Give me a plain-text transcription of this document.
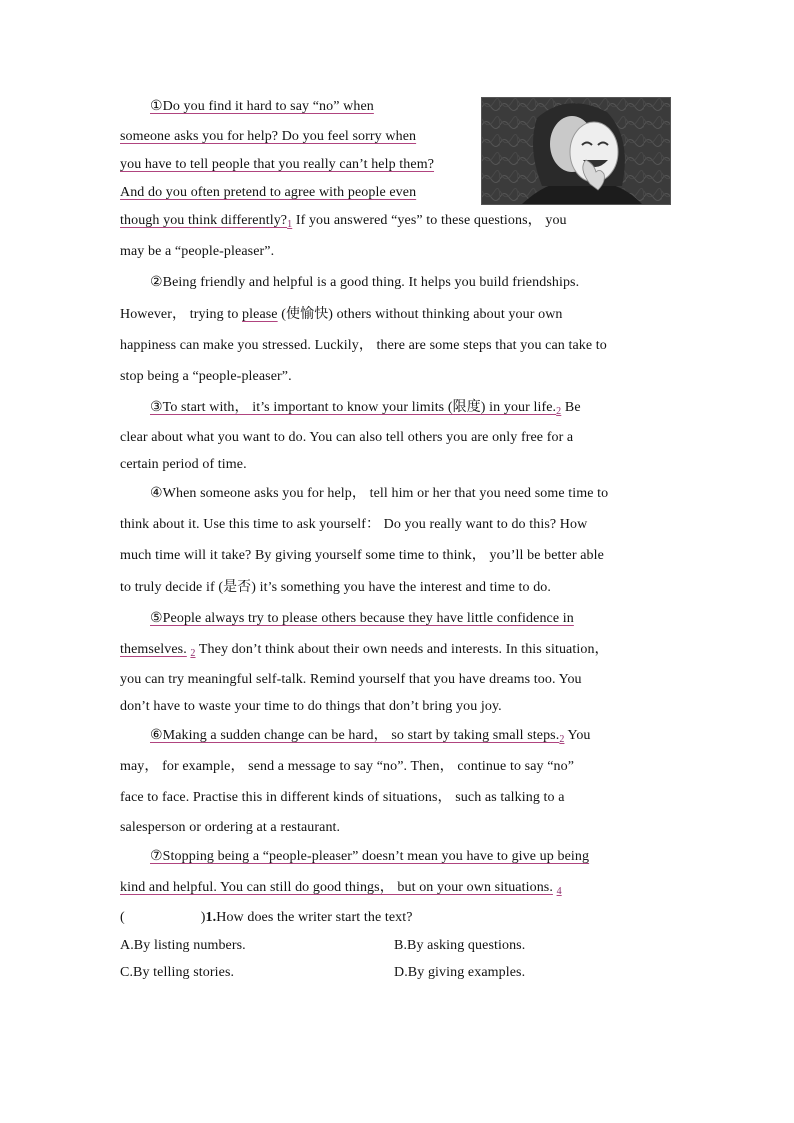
①Do you find it hard to say “no” when
someone asks you for help? Do you feel sorry when
you have to tell people that you really can’t help them?
And do you often pretend to agree with people even
though you think $differently?_1$ If you answered “yes” to these questions， you
may be a “people-pleaser”.
②Being friendly and helpful is a good thing. It helps you build friendships.
However， trying to please (使愉快) others without thinking about your own
happiness can make you stressed. Luckily， there are some steps that you can take to
stop being a “people-pleaser”.
③To start with， it’s important to know your limits (限度) in your $life._2$ Be
clear about what you want to do. You can also tell others you are only free for a
certain period of time.
④When someone asks you for help， tell him or her that you need some time to
think about it. Use this time to ask yourself： Do you really want to do this? How
much time will it take? By giving yourself some time to think， you’ll be better able
to truly decide if (是否) it’s something you have the interest and time to do.
⑤People always try to please others because they have little confidence in
themselves. $_2$ They don’t think about their own needs and interests. In this situation，
you can try meaningful self-talk. Remind yourself that you have dreams too. You
don’t have to waste your time to do things that don’t bring you joy.
⑥Making a sudden change can be hard， so start by taking small $steps._2$ You
may， for example， send a message to say “no”. Then， continue to say “no”
face to face. Practise this in different kinds of situations， such as talking to a
salesperson or ordering at a restaurant.
⑦Stopping being a “people-pleaser” doesn’t mean you have to give up being
kind and helpful. You can still do good things， but on your own situations. $_4$
(	)1.How does the writer start the text?
A.By listing numbers.	B.By asking questions.
C.By telling stories.	D.By giving examples.
